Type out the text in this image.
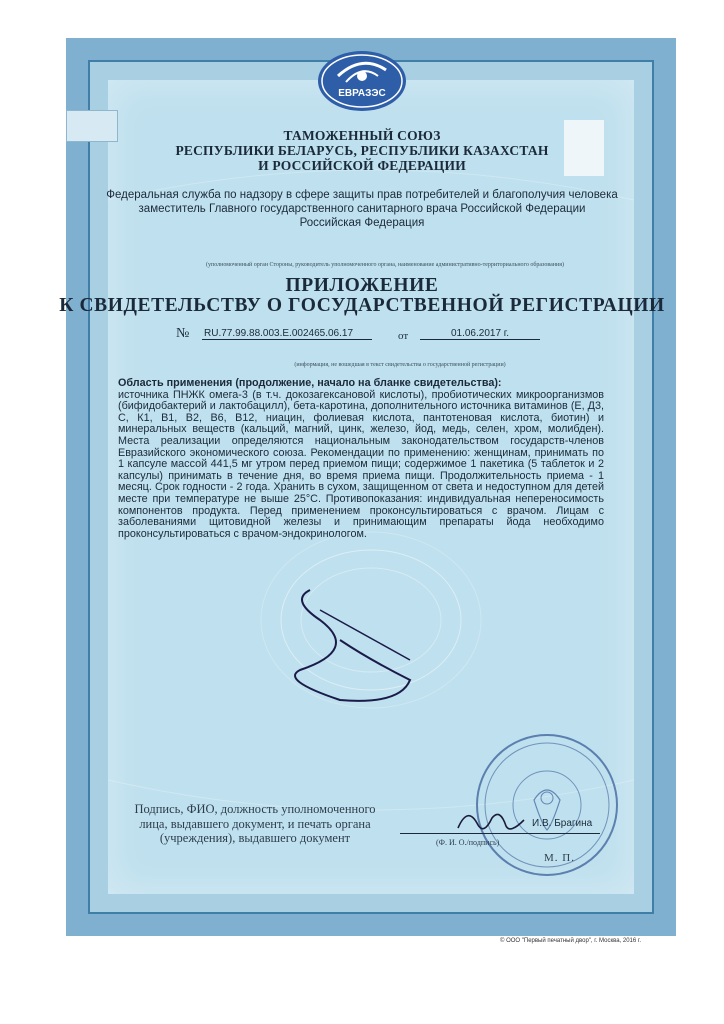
ЕВРАЗЭС
ТАМОЖЕННЫЙ СОЮЗ
РЕСПУБЛИКИ БЕЛАРУСЬ, РЕСПУБЛИКИ КАЗАХСТАН
И РОССИЙСКОЙ ФЕДЕРАЦИИ
Федеральная служба по надзору в сфере защиты прав потребителей и благополучия человека
заместитель Главного государственного санитарного врача Российской Федерации
Российская Федерация
(уполномоченный орган Стороны, руководитель уполномоченного органа, наименование административно-территориального образования)
ПРИЛОЖЕНИЕ
К СВИДЕТЕЛЬСТВУ О ГОСУДАРСТВЕННОЙ РЕГИСТРАЦИИ
№ RU.77.99.88.003.Е.002465.06.17	от	01.06.2017 г.
(информация, не вошедшая в текст свидетельства о государственной регистрации)
Область применения (продолжение, начало на бланке свидетельства):
источника ПНЖК омега-3 (в т.ч. докозагексановой кислоты), пробиотических микроорганизмов (бифидобактерий и лактобацилл), бета-каротина, дополнительного источника витаминов (Е, Д3, С, К1, В1, В2, В6, В12, ниацин, фолиевая кислота, пантотеновая кислота, биотин) и минеральных веществ (кальций, магний, цинк, железо, йод, медь, селен, хром, молибден). Места реализации определяются национальным законодательством государств-членов Евразийского экономического союза. Рекомендации по применению: женщинам, принимать по 1 капсуле массой 441,5 мг утром перед приемом пищи; содержимое 1 пакетика (5 таблеток и 2 капсулы) принимать в течение дня, во время приема пищи. Продолжительность приема - 1 месяц. Срок годности - 2 года. Хранить в сухом, защищенном от света и недоступном для детей месте при температуре не выше 25°С. Противопоказания: индивидуальная непереносимость компонентов продукта. Перед применением проконсультироваться с врачом. Лицам с заболеваниями щитовидной железы и принимающим препараты йода необходимо проконсультироваться с врачом-эндокринологом.
Подпись, ФИО, должность уполномоченного
лица, выдавшего документ, и печать органа
(учреждения), выдавшего документ
И.В. Брагина
(Ф. И. О./подпись)
М. П.
© ООО "Первый печатный двор", г. Москва, 2016 г.
